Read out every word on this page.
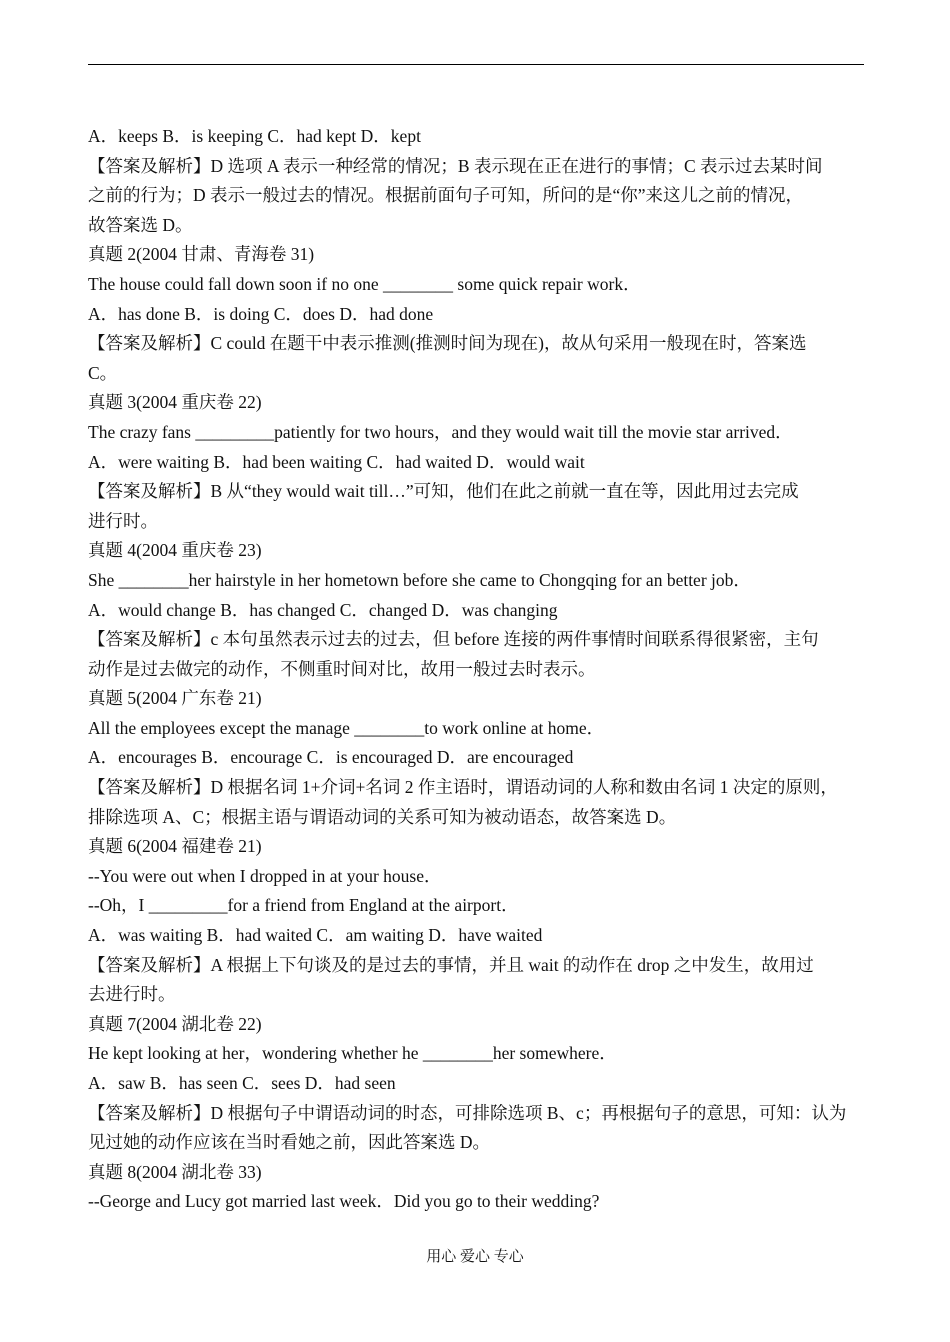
A．keeps B．is keeping C．had kept D．kept
【答案及解析】D 选项 A 表示一种经常的情况；B 表示现在正在进行的事情；C 表示过去某时间
之前的行为；D 表示一般过去的情况。根据前面句子可知，所问的是“你”来这儿之前的情况，
故答案选 D。
真题 2(2004 甘肃、青海卷 31)
The house could fall down soon if no one ________ some quick repair work．
A．has done B．is doing C．does D．had done
【答案及解析】C could 在题干中表示推测(推测时间为现在)，故从句采用一般现在时，答案选
C。
真题 3(2004 重庆卷 22)
The crazy fans _________patiently for two hours，and they would wait till the movie star arrived．
A．were waiting B．had been waiting C．had waited D．would wait
【答案及解析】B 从“they would wait till…”可知，他们在此之前就一直在等，因此用过去完成
进行时。
真题 4(2004 重庆卷 23)
She ________her hairstyle in her hometown before she came to Chongqing for an better job．
A．would change B．has changed C．changed D．was changing
【答案及解析】c 本句虽然表示过去的过去，但 before 连接的两件事情时间联系得很紧密，主句
动作是过去做完的动作，不侧重时间对比，故用一般过去时表示。
真题 5(2004 广东卷 21)
All the employees except the manage ________to work online at home．
A．encourages B．encourage C．is encouraged D．are encouraged
【答案及解析】D 根据名词 1+介词+名词 2 作主语时，谓语动词的人称和数由名词 1 决定的原则，
排除选项 A、C；根据主语与谓语动词的关系可知为被动语态，故答案选 D。
真题 6(2004 福建卷 21)
--You were out when I dropped in at your house．
--Oh，I _________for a friend from England at the airport．
A．was waiting B．had waited C．am waiting D．have waited
【答案及解析】A 根据上下句谈及的是过去的事情，并且 wait 的动作在 drop 之中发生，故用过
去进行时。
真题 7(2004 湖北卷 22)
He kept looking at her，wondering whether he ________her somewhere．
A．saw B．has seen C．sees D．had seen
【答案及解析】D 根据句子中谓语动词的时态，可排除选项 B、c；再根据句子的意思，可知：认为
见过她的动作应该在当时看她之前，因此答案选 D。
真题 8(2004 湖北卷 33)
--George and Lucy got married last week．Did you go to their wedding?
用心 爱心 专心
